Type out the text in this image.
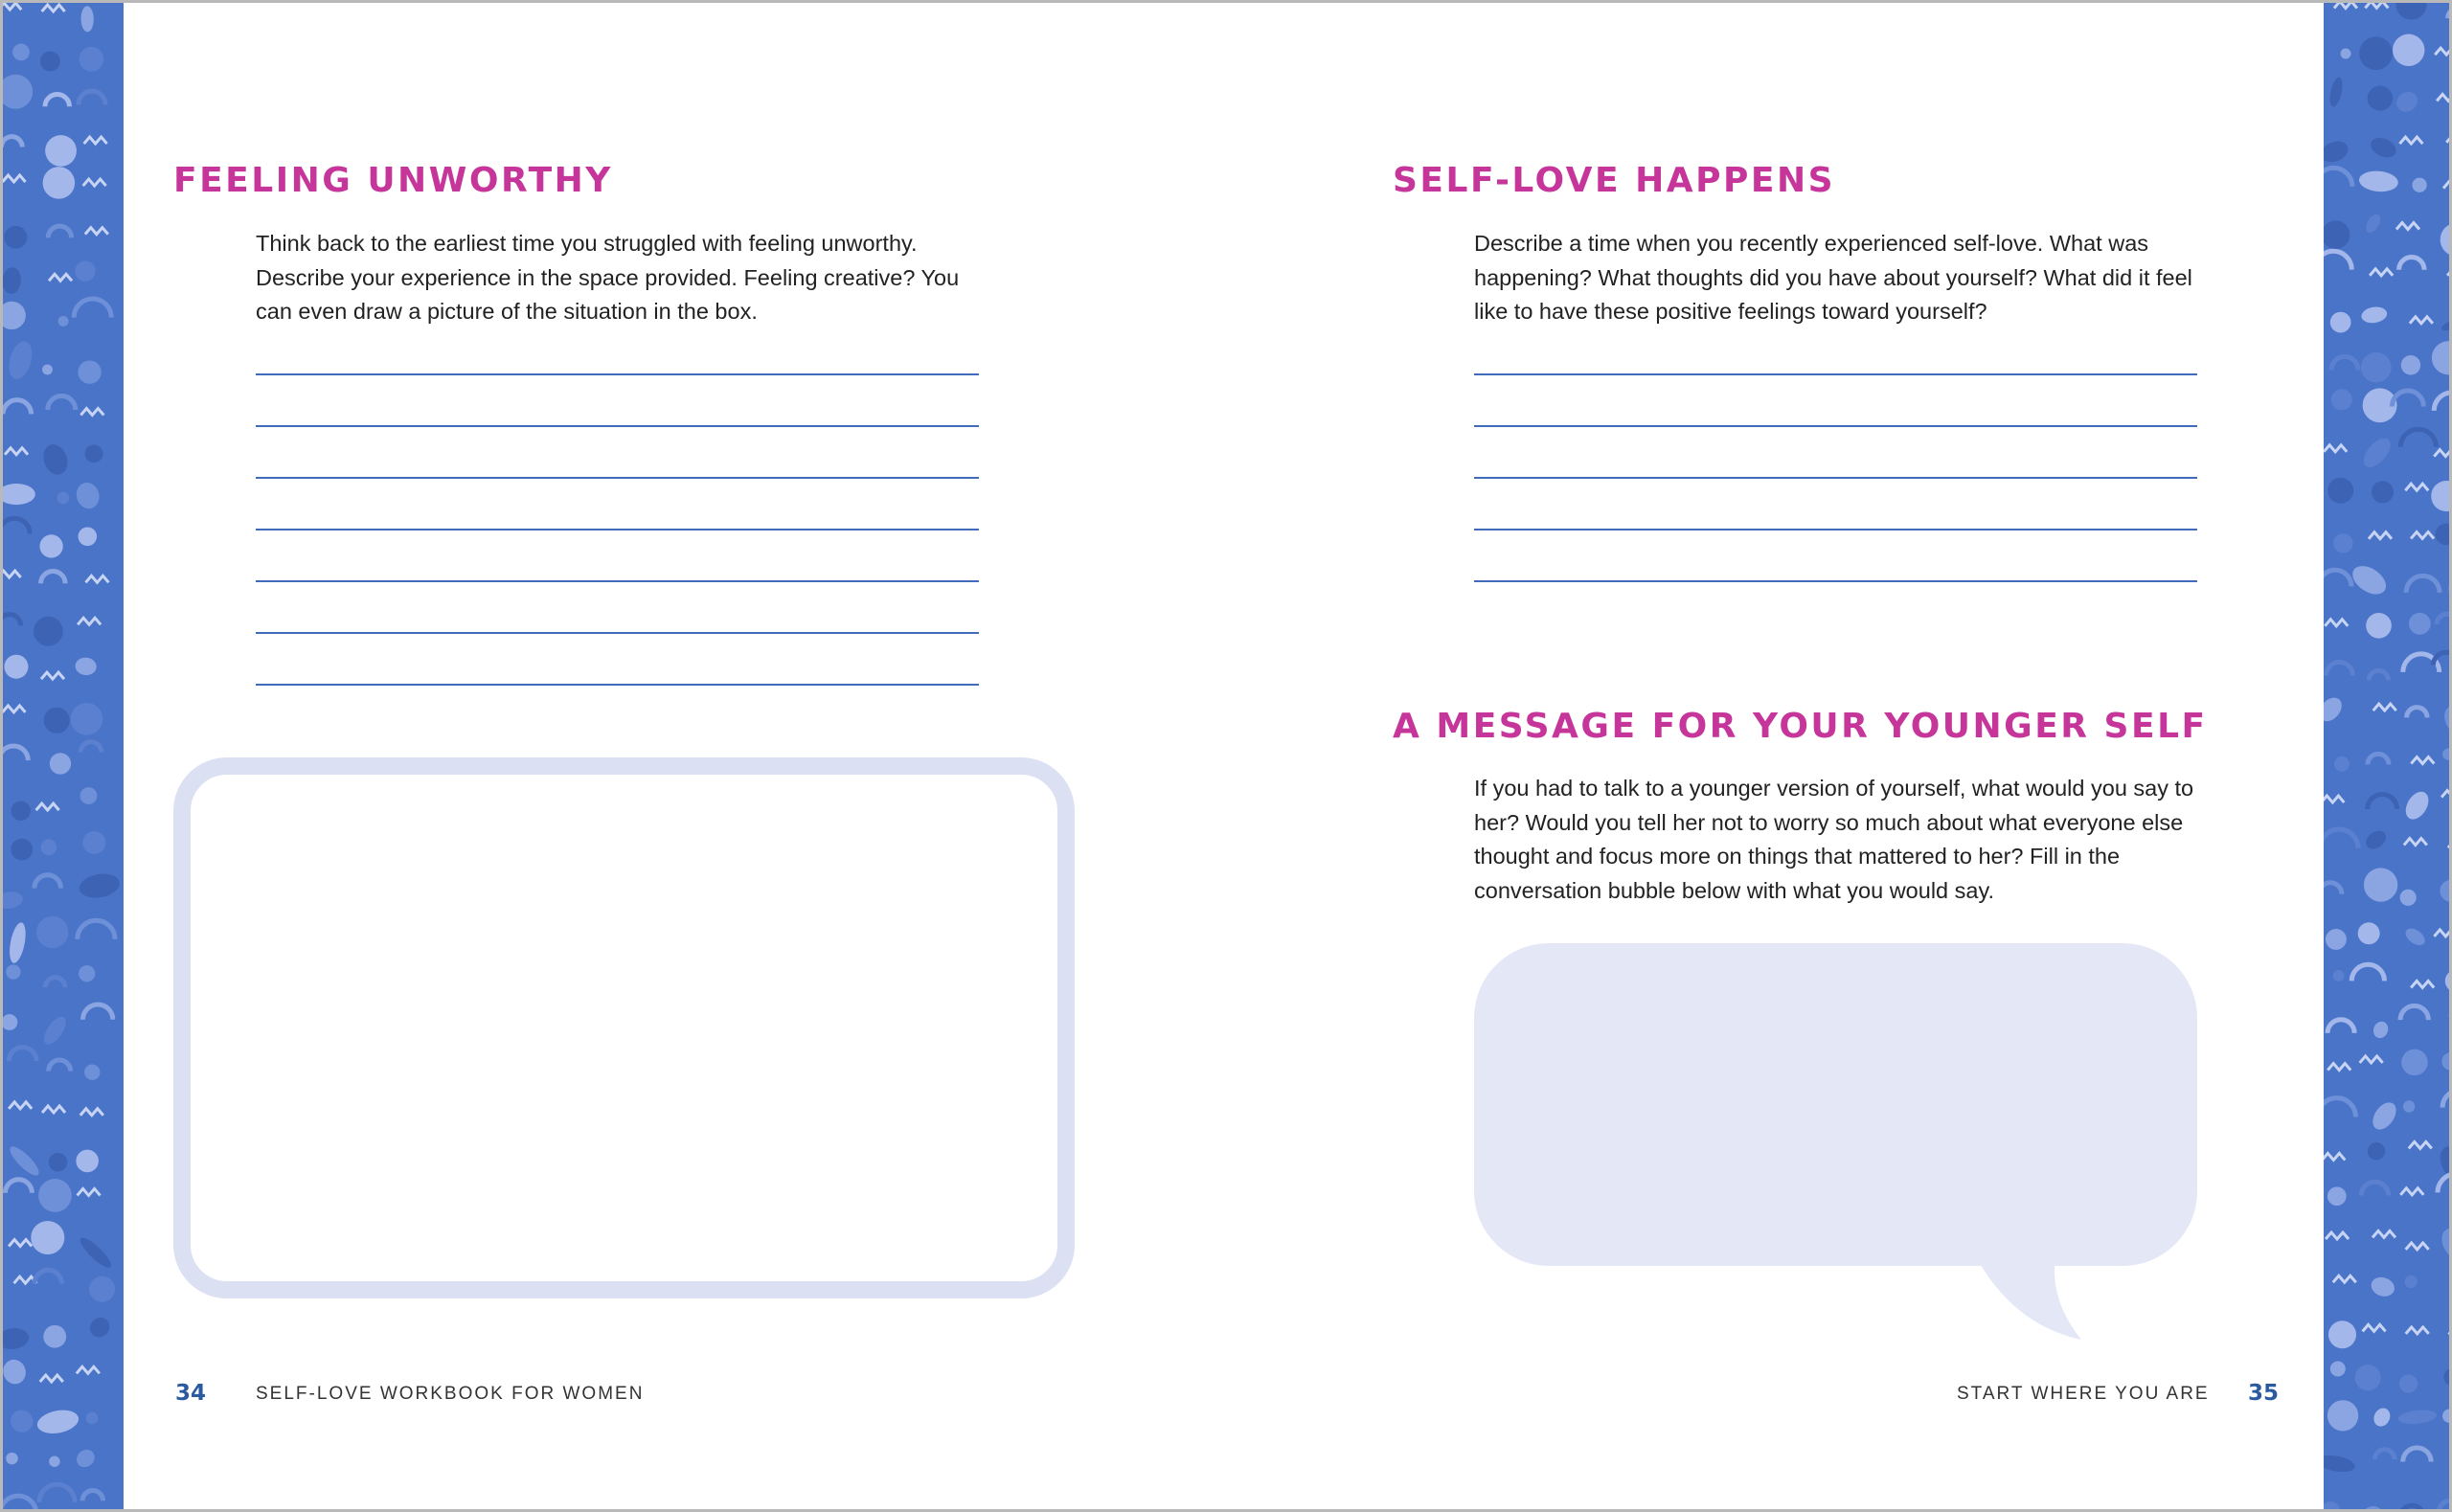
FEELING UNWORTHY
Think back to the earliest time you struggled with feeling unworthy. Describe your experience in the space provided. Feeling creative? You can even draw a picture of the situation in the box.
34	SELF-LOVE WORKBOOK FOR WOMEN
SELF-LOVE HAPPENS
Describe a time when you recently experienced self-love. What was happening? What thoughts did you have about yourself? What did it feel like to have these positive feelings toward yourself?
A MESSAGE FOR YOUR YOUNGER SELF
If you had to talk to a younger version of yourself, what would you say to her? Would you tell her not to worry so much about what everyone else thought and focus more on things that mattered to her? Fill in the conversation bubble below with what you would say.
START WHERE YOU ARE 35
